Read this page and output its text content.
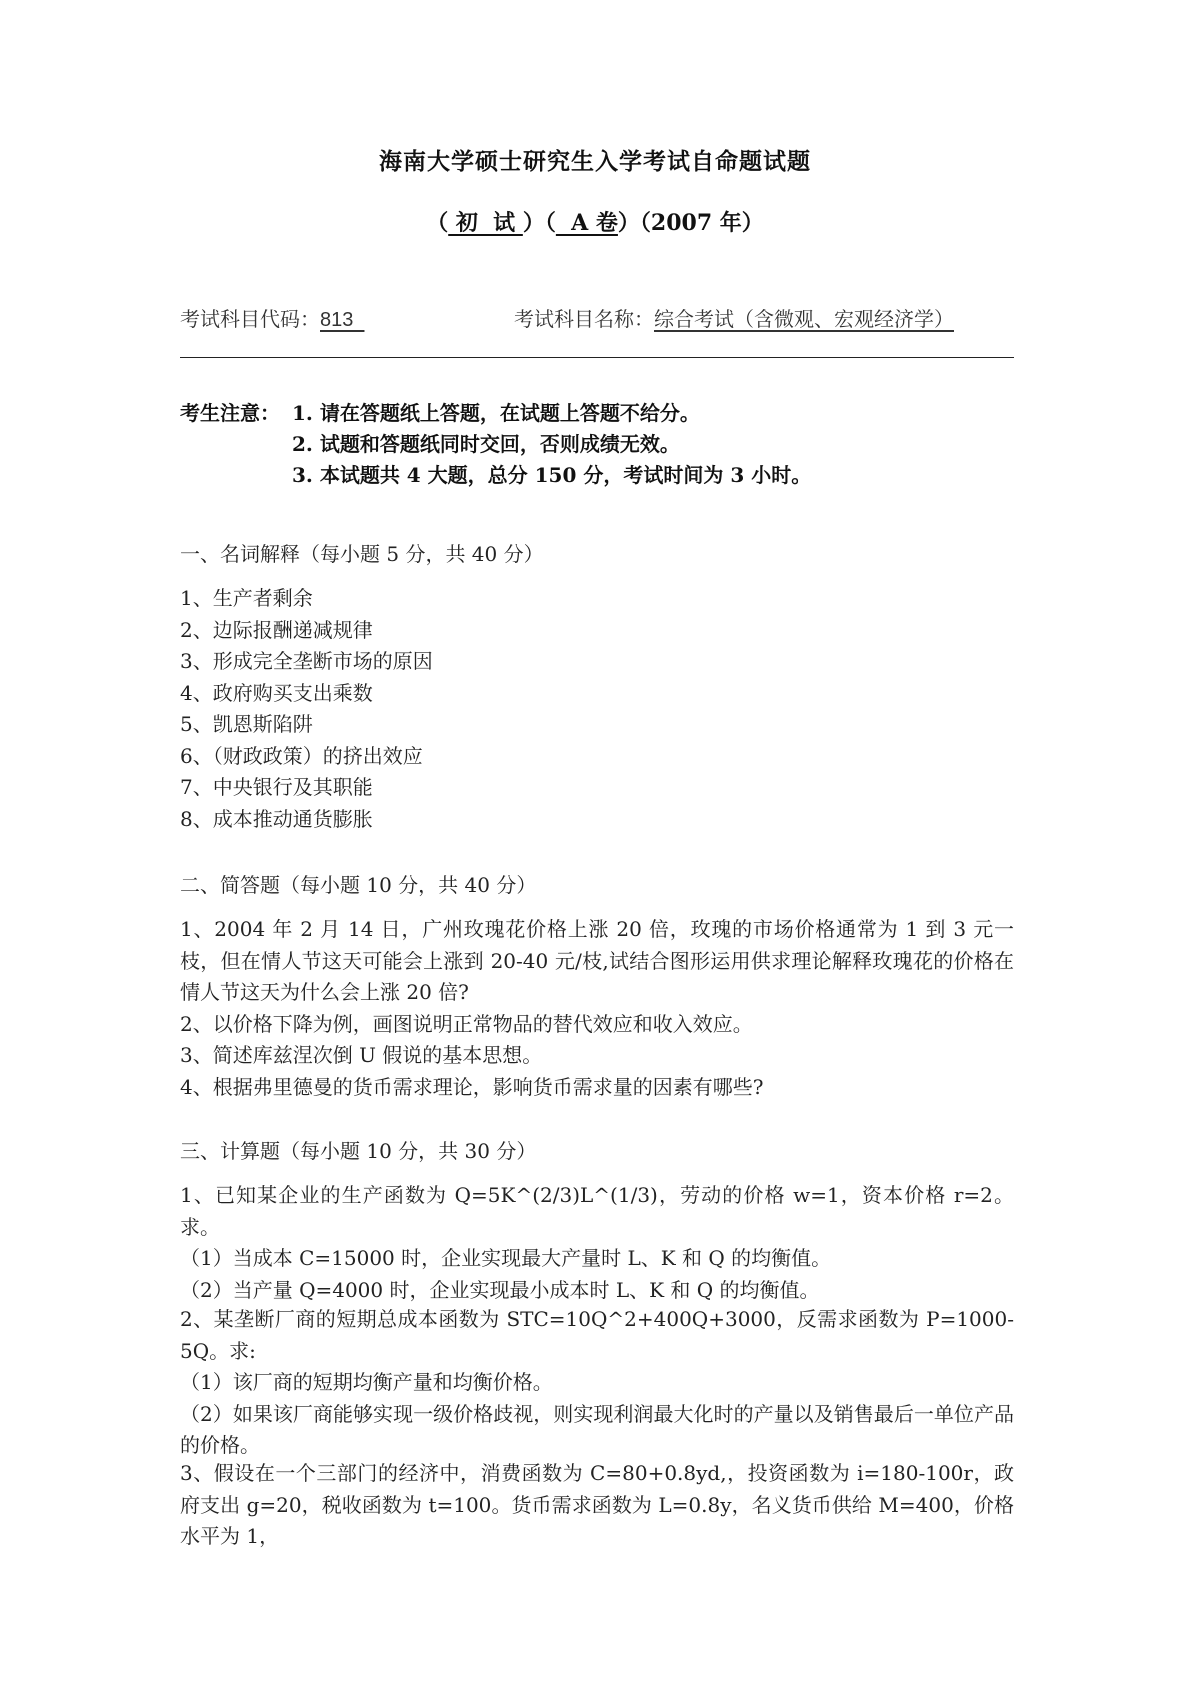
海南大学硕士研究生入学考试自命题试题
（ 初  试 ）（  A 卷）（2007 年）
考试科目代码：813	考试科目名称：综合考试（含微观、宏观经济学）
考生注意： 1. 请在答题纸上答题，在试题上答题不给分。
2. 试题和答题纸同时交回，否则成绩无效。
3. 本试题共 4 大题，总分 150 分，考试时间为 3 小时。
一、名词解释（每小题 5 分，共 40 分）
1、生产者剩余
2、边际报酬递减规律
3、形成完全垄断市场的原因
4、政府购买支出乘数
5、凯恩斯陷阱
6、（财政政策）的挤出效应
7、中央银行及其职能
8、成本推动通货膨胀
二、简答题（每小题 10 分，共 40 分）

1、2004 年 2 月 14 日，广州玫瑰花价格上涨 20 倍，玫瑰的市场价格通常为 1 到 3 元一枝，但在情人节这天可能会上涨到 20-40 元/枝,试结合图形运用供求理论解释玫瑰花的价格在情人节这天为什么会上涨 20 倍?

2、以价格下降为例，画图说明正常物品的替代效应和收入效应。

3、简述库兹涅次倒 U 假说的基本思想。

4、根据弗里德曼的货币需求理论，影响货币需求量的因素有哪些?

三、计算题（每小题 10 分，共 30 分）

1、已知某企业的生产函数为 Q=5K^(2/3)L^(1/3)，劳动的价格 w=1，资本价格 r=2。求。

（1）当成本 C=15000 时，企业实现最大产量时 L、K 和 Q 的均衡值。

（2）当产量 Q=4000 时，企业实现最小成本时 L、K 和 Q 的均衡值。

2、某垄断厂商的短期总成本函数为 STC=10Q^2+400Q+3000，反需求函数为 P=1000-5Q。求:

（1）该厂商的短期均衡产量和均衡价格。

（2）如果该厂商能够实现一级价格歧视，则实现利润最大化时的产量以及销售最后一单位产品的价格。

3、假设在一个三部门的经济中，消费函数为 C=80+0.8yd,，投资函数为 i=180-100r，政府支出 g=20，税收函数为 t=100。货币需求函数为 L=0.8y，名义货币供给 M=400，价格水平为 1，
